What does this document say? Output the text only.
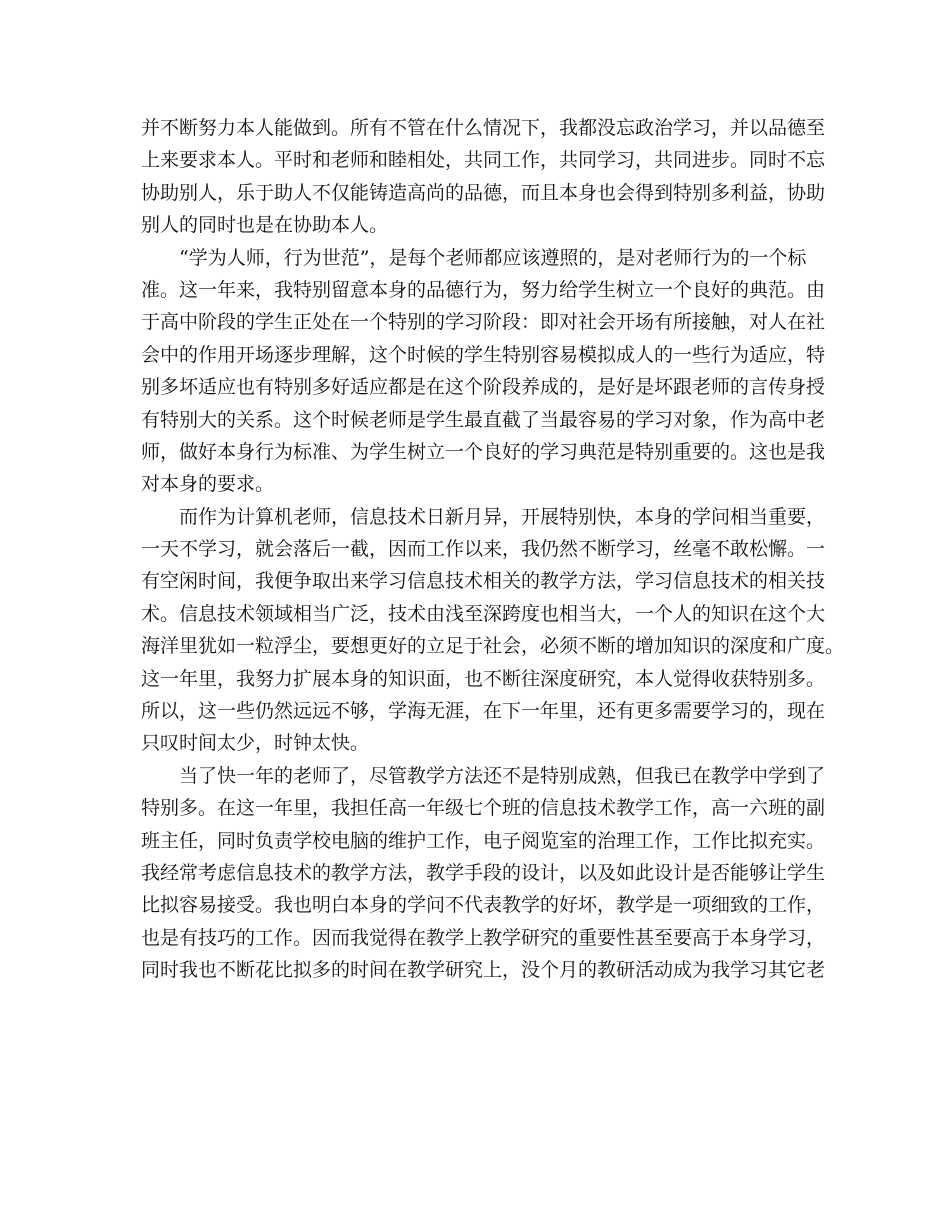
并不断努力本人能做到。所有不管在什么情况下，我都没忘政治学习，并以品德至
上来要求本人。平时和老师和睦相处，共同工作，共同学习，共同进步。同时不忘
协助别人，乐于助人不仅能铸造高尚的品德，而且本身也会得到特别多利益，协助
别人的同时也是在协助本人。
“学为人师，行为世范”，是每个老师都应该遵照的，是对老师行为的一个标
准。这一年来，我特别留意本身的品德行为，努力给学生树立一个良好的典范。由
于高中阶段的学生正处在一个特别的学习阶段：即对社会开场有所接触，对人在社
会中的作用开场逐步理解，这个时候的学生特别容易模拟成人的一些行为适应，特
别多坏适应也有特别多好适应都是在这个阶段养成的，是好是坏跟老师的言传身授
有特别大的关系。这个时候老师是学生最直截了当最容易的学习对象，作为高中老
师，做好本身行为标准、为学生树立一个良好的学习典范是特别重要的。这也是我
对本身的要求。
而作为计算机老师，信息技术日新月异，开展特别快，本身的学问相当重要，
一天不学习，就会落后一截，因而工作以来，我仍然不断学习，丝毫不敢松懈。一
有空闲时间，我便争取出来学习信息技术相关的教学方法，学习信息技术的相关技
术。信息技术领域相当广泛，技术由浅至深跨度也相当大，一个人的知识在这个大
海洋里犹如一粒浮尘，要想更好的立足于社会，必须不断的增加知识的深度和广度。
这一年里，我努力扩展本身的知识面，也不断往深度研究，本人觉得收获特别多。
所以，这一些仍然远远不够，学海无涯，在下一年里，还有更多需要学习的，现在
只叹时间太少，时钟太快。
当了快一年的老师了，尽管教学方法还不是特别成熟，但我已在教学中学到了
特别多。在这一年里，我担任高一年级七个班的信息技术教学工作，高一六班的副
班主任，同时负责学校电脑的维护工作，电子阅览室的治理工作，工作比拟充实。
我经常考虑信息技术的教学方法，教学手段的设计，以及如此设计是否能够让学生
比拟容易接受。我也明白本身的学问不代表教学的好坏，教学是一项细致的工作，
也是有技巧的工作。因而我觉得在教学上教学研究的重要性甚至要高于本身学习，
同时我也不断花比拟多的时间在教学研究上，没个月的教研活动成为我学习其它老
